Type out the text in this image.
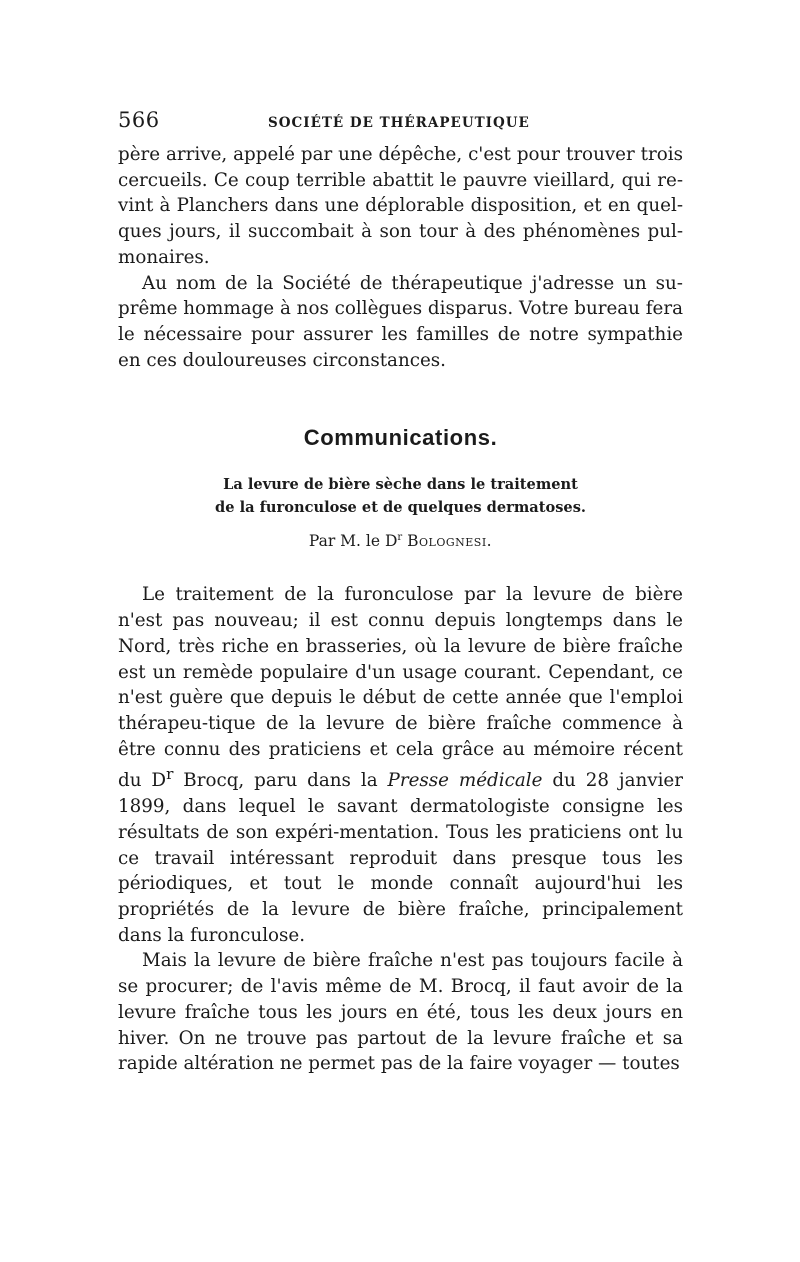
566	SOCIÉTÉ DE THÉRAPEUTIQUE

père arrive, appelé par une dépêche, c'est pour trouver trois cercueils. Ce coup terrible abattit le pauvre vieillard, qui re-vint à Planchers dans une déplorable disposition, et en quel-ques jours, il succombait à son tour à des phénomènes pul-monaires.

Au nom de la Société de thérapeutique j'adresse un su-prême hommage à nos collègues disparus. Votre bureau fera le nécessaire pour assurer les familles de notre sympathie en ces douloureuses circonstances.

Communications.
La levure de bière sèche dans le traitement
de la furonculose et de quelques dermatoses.
Par M. le $D^r$ Bolognesi.

Le traitement de la furonculose par la levure de bière n'est pas nouveau; il est connu depuis longtemps dans le Nord, très riche en brasseries, où la levure de bière fraîche est un remède populaire d'un usage courant. Cependant, ce n'est guère que depuis le début de cette année que l'emploi thérapeu-tique de la levure de bière fraîche commence à être connu des praticiens et cela grâce au mémoire récent du $D^r$ Brocq, paru dans la Presse médicale du 28 janvier 1899, dans lequel le savant dermatologiste consigne les résultats de son expéri-mentation. Tous les praticiens ont lu ce travail intéressant reproduit dans presque tous les périodiques, et tout le monde connaît aujourd'hui les propriétés de la levure de bière fraîche, principalement dans la furonculose.

Mais la levure de bière fraîche n'est pas toujours facile à se procurer; de l'avis même de M. Brocq, il faut avoir de la levure fraîche tous les jours en été, tous les deux jours en hiver. On ne trouve pas partout de la levure fraîche et sa rapide altération ne permet pas de la faire voyager — toutes
